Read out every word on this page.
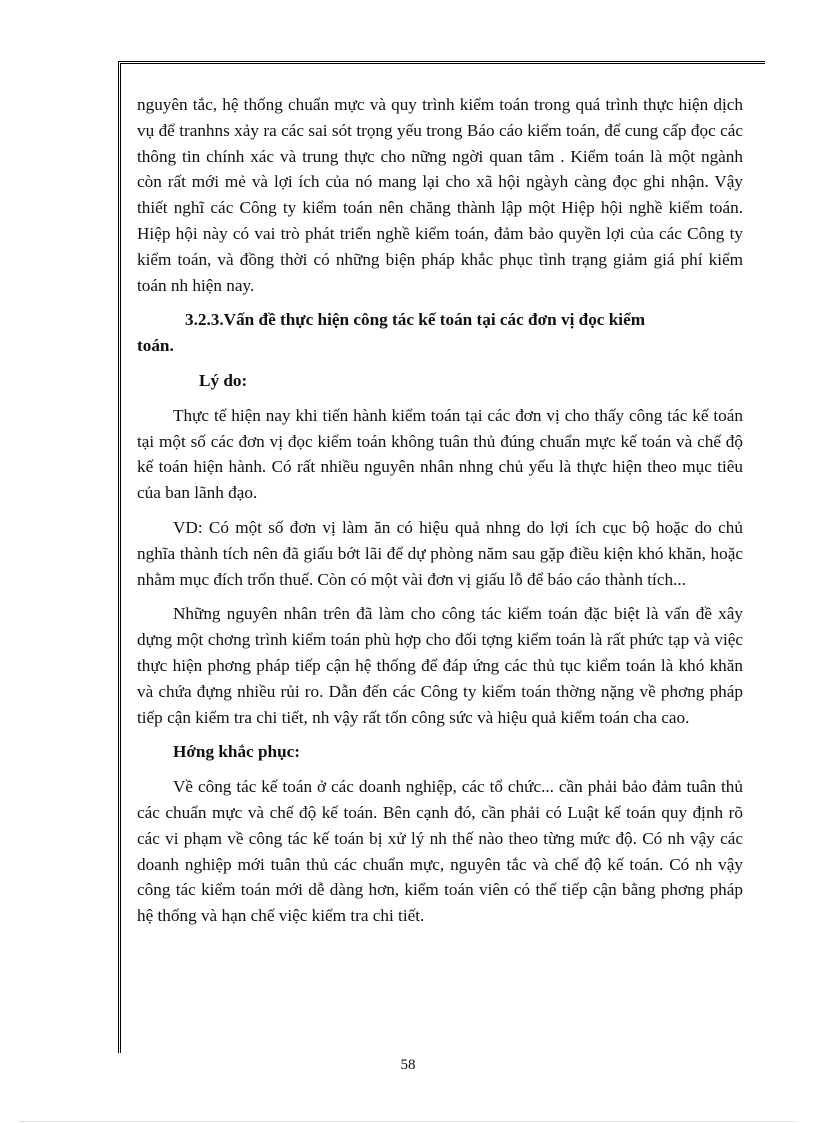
nguyên tắc, hệ thống chuẩn mực và quy trình kiểm toán trong quá trình thực hiện dịch vụ để tranhns xảy ra các sai sót trọng yếu trong Báo cáo kiểm toán, để cung cấp đọc các thông tin chính xác và trung thực cho nững ngời quan tâm . Kiểm toán là một ngành còn rất mới mẻ và lợi ích của nó mang lại cho xã hội ngàyh càng đọc ghi nhận. Vậy thiết nghĩ các Công ty kiểm toán nên chăng thành lập một Hiệp hội nghề kiểm toán. Hiệp hội này có vai trò phát triển nghề kiểm toán, đảm bảo quyền lợi của các Công ty kiểm toán, và đồng thời có những biện pháp khắc phục tình trạng giảm giá phí kiểm toán nh hiện nay.

3.2.3.Vấn đề thực hiện công tác kế toán tại các đơn vị đọc kiểm
toán.

Lý do:

Thực tế hiện nay khi tiến hành kiểm toán tại các đơn vị cho thấy công tác kế toán tại một số các đơn vị đọc kiểm toán không tuân thủ đúng chuẩn mực kế toán và chế độ kế toán hiện hành. Có rất nhiều nguyên nhân nhng chủ yếu là thực hiện theo mục tiêu của ban lãnh đạo.

VD: Có một số đơn vị làm ăn có hiệu quả nhng do lợi ích cục bộ hoặc do chủ nghĩa thành tích nên đã giấu bớt lãi để dự phòng năm sau gặp điều kiện khó khăn, hoặc nhằm mục đích trốn thuế. Còn có một vài đơn vị giấu lỗ để báo cáo thành tích...

Những nguyên nhân trên đã làm cho công tác kiểm toán đặc biệt là vấn đề xây dựng một chơng trình kiểm toán phù hợp cho đối tợng kiểm toán là rất phức tạp và việc thực hiện phơng pháp tiếp cận hệ thống để đáp ứng các thủ tục kiểm toán là khó khăn và chứa đựng nhiều rủi ro. Dẫn đến các Công ty kiểm toán thờng nặng về phơng pháp tiếp cận kiểm tra chi tiết, nh vậy rất tốn công sức và hiệu quả kiểm toán cha cao.

Hớng khắc phục:

Về công tác kế toán ở các doanh nghiệp, các tổ chức... cần phải bảo đảm tuân thủ các chuẩn mực và chế độ kế toán. Bên cạnh đó, cần phải có Luật kế toán quy định rõ các vi phạm về công tác kế toán bị xử lý nh thế nào theo từng mức độ. Có nh vậy các doanh nghiệp mới tuân thủ các chuẩn mực, nguyên tắc và chế độ kế toán. Có nh vậy công tác kiểm toán mới dễ dàng hơn, kiểm toán viên có thể tiếp cận bằng phơng pháp hệ thống và hạn chế việc kiểm tra chi tiết.

58
